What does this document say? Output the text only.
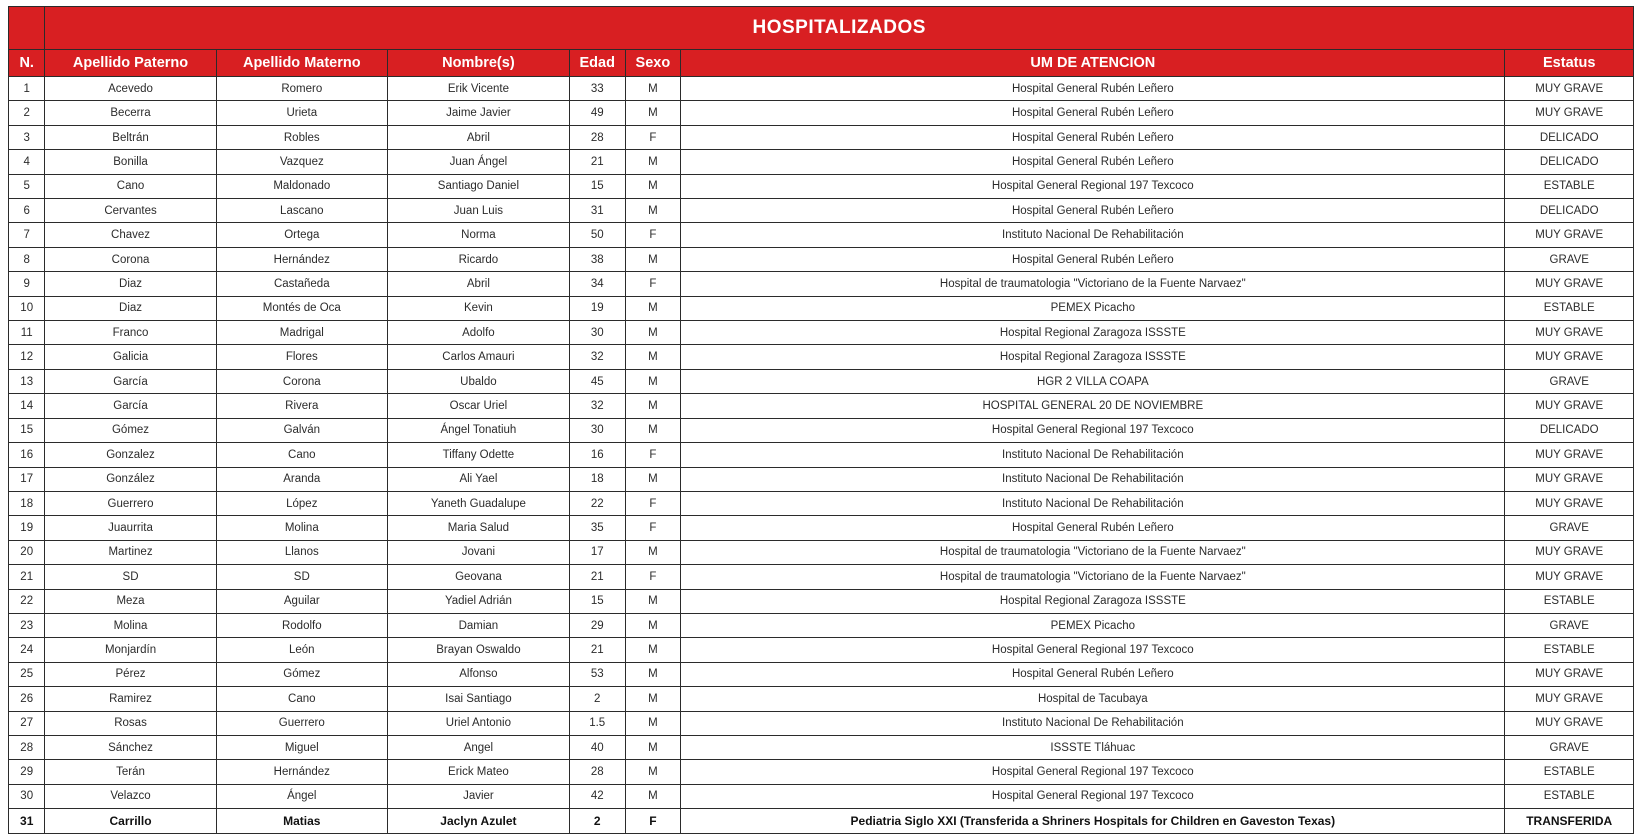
	HOSPITALIZADOS						
N.	Apellido Paterno	Apellido Materno	Nombre(s)	Edad	Sexo	UM DE ATENCION	Estatus
1	Acevedo	Romero	Erik Vicente	33	M	Hospital General Rubén Leñero	MUY GRAVE
2	Becerra	Urieta	Jaime Javier	49	M	Hospital General Rubén Leñero	MUY GRAVE
3	Beltrán	Robles	Abril	28	F	Hospital General Rubén Leñero	DELICADO
4	Bonilla	Vazquez	Juan Ángel	21	M	Hospital General Rubén Leñero	DELICADO
5	Cano	Maldonado	Santiago Daniel	15	M	Hospital General Regional 197 Texcoco	ESTABLE
6	Cervantes	Lascano	Juan Luis	31	M	Hospital General Rubén Leñero	DELICADO
7	Chavez	Ortega	Norma	50	F	Instituto Nacional De Rehabilitación	MUY GRAVE
8	Corona	Hernández	Ricardo	38	M	Hospital General Rubén Leñero	GRAVE
9	Diaz	Castañeda	Abril	34	F	Hospital de traumatologia "Victoriano de la Fuente Narvaez"	MUY GRAVE
10	Diaz	Montés de Oca	Kevin	19	M	PEMEX Picacho	ESTABLE
11	Franco	Madrigal	Adolfo	30	M	Hospital Regional Zaragoza ISSSTE	MUY GRAVE
12	Galicia	Flores	Carlos Amauri	32	M	Hospital Regional Zaragoza ISSSTE	MUY GRAVE
13	García	Corona	Ubaldo	45	M	HGR 2 VILLA COAPA	GRAVE
14	García	Rivera	Oscar Uriel	32	M	HOSPITAL GENERAL 20 DE NOVIEMBRE	MUY GRAVE
15	Gómez	Galván	Ángel Tonatiuh	30	M	Hospital General Regional 197 Texcoco	DELICADO
16	Gonzalez	Cano	Tiffany Odette	16	F	Instituto Nacional De Rehabilitación	MUY GRAVE
17	González	Aranda	Ali Yael	18	M	Instituto Nacional De Rehabilitación	MUY GRAVE
18	Guerrero	López	Yaneth Guadalupe	22	F	Instituto Nacional De Rehabilitación	MUY GRAVE
19	Juaurrita	Molina	Maria Salud	35	F	Hospital General Rubén Leñero	GRAVE
20	Martinez	Llanos	Jovani	17	M	Hospital de traumatologia "Victoriano de la Fuente Narvaez"	MUY GRAVE
21	SD	SD	Geovana	21	F	Hospital de traumatologia "Victoriano de la Fuente Narvaez"	MUY GRAVE
22	Meza	Aguilar	Yadiel Adrián	15	M	Hospital Regional Zaragoza ISSSTE	ESTABLE
23	Molina	Rodolfo	Damian	29	M	PEMEX Picacho	GRAVE
24	Monjardín	León	Brayan Oswaldo	21	M	Hospital General Regional 197 Texcoco	ESTABLE
25	Pérez	Gómez	Alfonso	53	M	Hospital General Rubén Leñero	MUY GRAVE
26	Ramirez	Cano	Isai Santiago	2	M	Hospital de Tacubaya	MUY GRAVE
27	Rosas	Guerrero	Uriel Antonio	1.5	M	Instituto Nacional De Rehabilitación	MUY GRAVE
28	Sánchez	Miguel	Angel	40	M	ISSSTE Tláhuac	GRAVE
29	Terán	Hernández	Erick Mateo	28	M	Hospital General Regional 197 Texcoco	ESTABLE
30	Velazco	Ángel	Javier	42	M	Hospital General Regional 197 Texcoco	ESTABLE
31	Carrillo	Matias	Jaclyn Azulet	2	F	Pediatria Siglo XXI (Transferida a Shriners Hospitals for Children en Gaveston Texas)	TRANSFERIDA
